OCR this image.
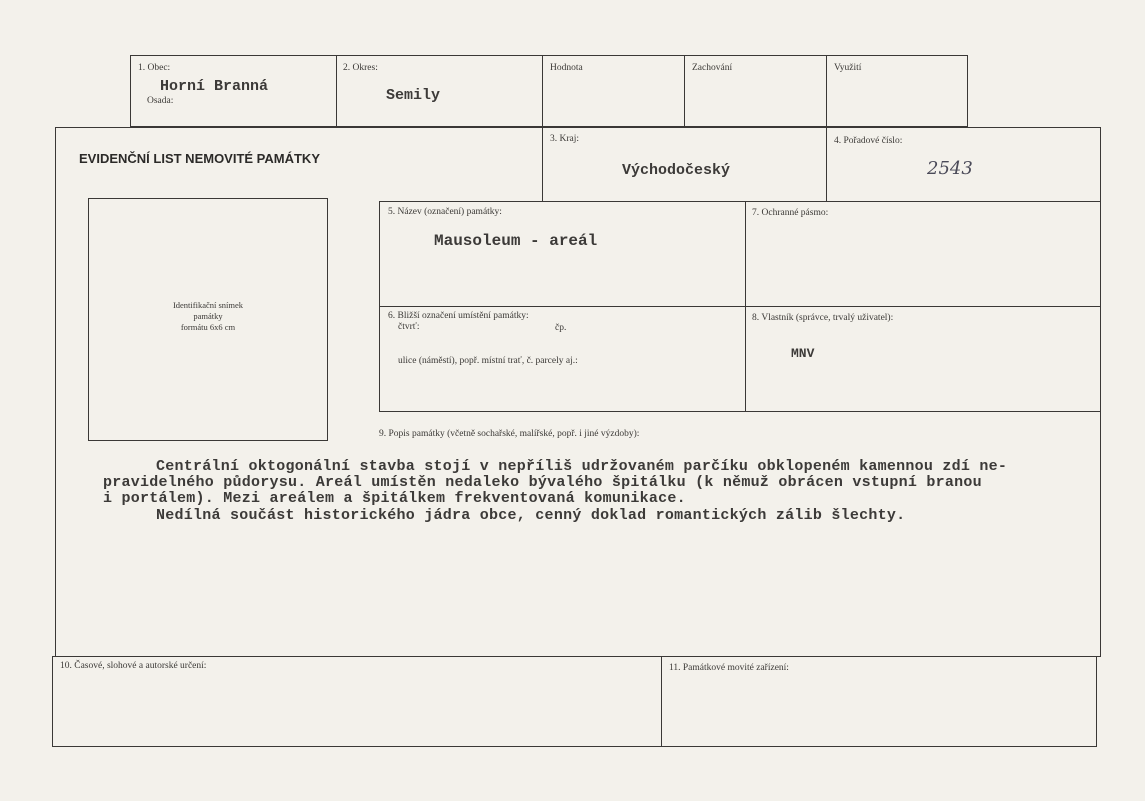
1. Obec:
Horní Branná
Osada:
2. Okres:
Semily
Hodnota	Zachování	Využití
EVIDENČNÍ LIST NEMOVITÉ PAMÁTKY
3. Kraj:
Východočeský
4. Pořadové číslo:
2543
Identifikační snímek
památky
formátu 6x6 cm
5. Název (označení) památky:
Mausoleum - areál
7. Ochranné pásmo:
6. Bližší označení umístění památky:
čtvrť:	čp.
ulice (náměstí), popř. místní trať, č. parcely aj.:
8. Vlastník (správce, trvalý uživatel):
MNV
9. Popis památky (včetně sochařské, malířské, popř. i jiné výzdoby):
Centrální oktogonální stavba stojí v nepříliš udržovaném parčíku obklopeném kamennou zdí ne-
pravidelného půdorysu. Areál umístěn nedaleko bývalého špitálku (k němuž obrácen vstupní branou
i portálem). Mezi areálem a špitálkem frekventovaná komunikace.
Nedílná součást historického jádra obce, cenný doklad romantických zálib šlechty.
10. Časové, slohové a autorské určení:	11. Památkové movité zařízení:
